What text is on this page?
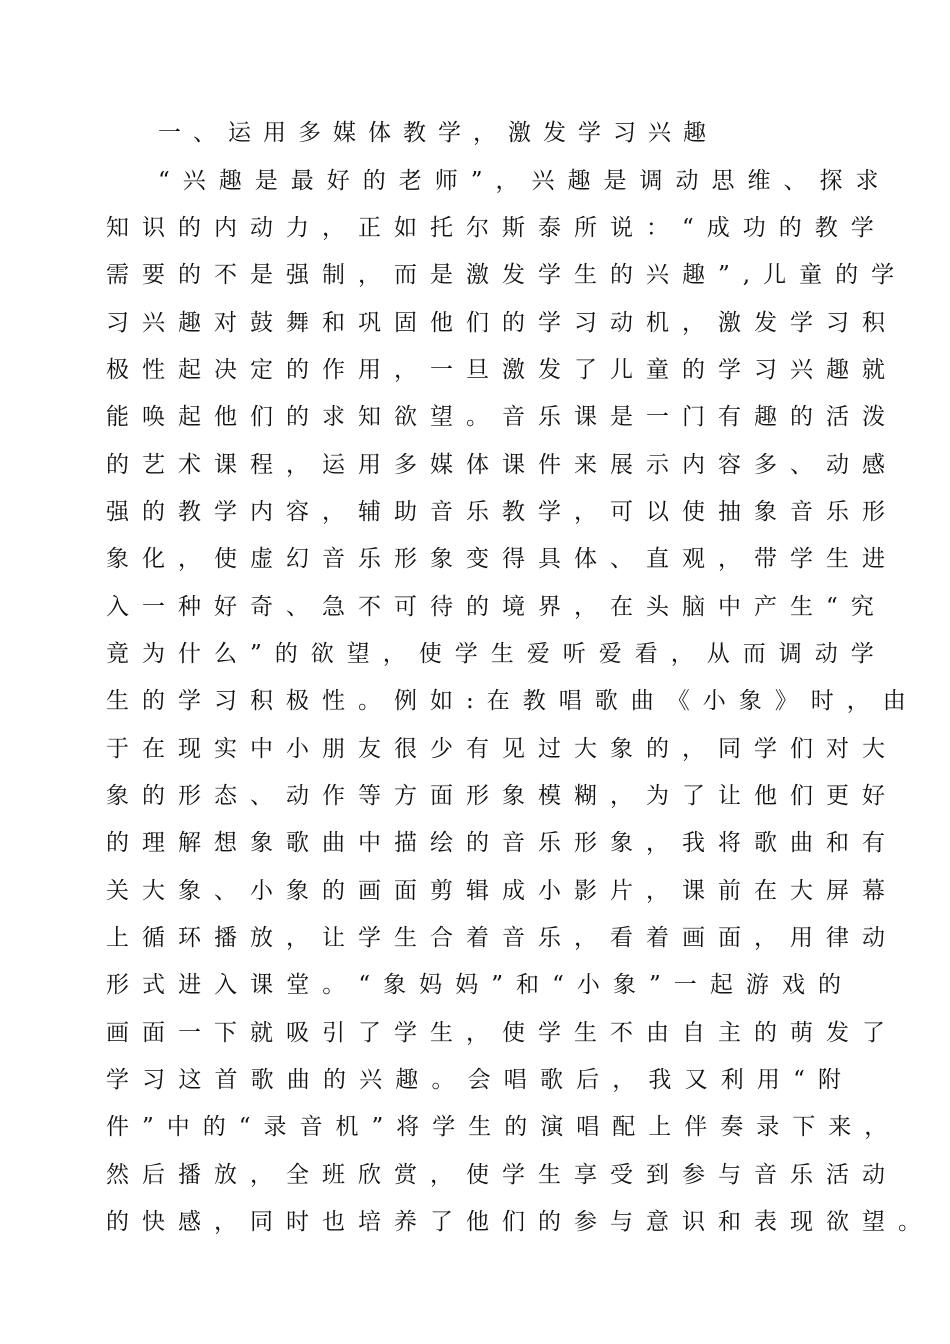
一、运用多媒体教学，激发学习兴趣
“兴趣是最好的老师”，兴趣是调动思维、探求
知识的内动力，正如托尔斯泰所说：“成功的教学
需要的不是强制，而是激发学生的兴趣”,儿童的学
习兴趣对鼓舞和巩固他们的学习动机，激发学习积
极性起决定的作用，一旦激发了儿童的学习兴趣就
能唤起他们的求知欲望。音乐课是一门有趣的活泼
的艺术课程，运用多媒体课件来展示内容多、动感
强的教学内容，辅助音乐教学，可以使抽象音乐形
象化，使虚幻音乐形象变得具体、直观，带学生进
入一种好奇、急不可待的境界，在头脑中产生“究
竟为什么”的欲望，使学生爱听爱看，从而调动学
生的学习积极性。例如:在教唱歌曲《小象》时，由
于在现实中小朋友很少有见过大象的，同学们对大
象的形态、动作等方面形象模糊，为了让他们更好
的理解想象歌曲中描绘的音乐形象，我将歌曲和有
关大象、小象的画面剪辑成小影片，课前在大屏幕
上循环播放，让学生合着音乐，看着画面，用律动
形式进入课堂。“象妈妈”和“小象”一起游戏的
画面一下就吸引了学生，使学生不由自主的萌发了
学习这首歌曲的兴趣。会唱歌后，我又利用“附
件”中的“录音机”将学生的演唱配上伴奏录下来，
然后播放，全班欣赏，使学生享受到参与音乐活动
的快感，同时也培养了他们的参与意识和表现欲望。
